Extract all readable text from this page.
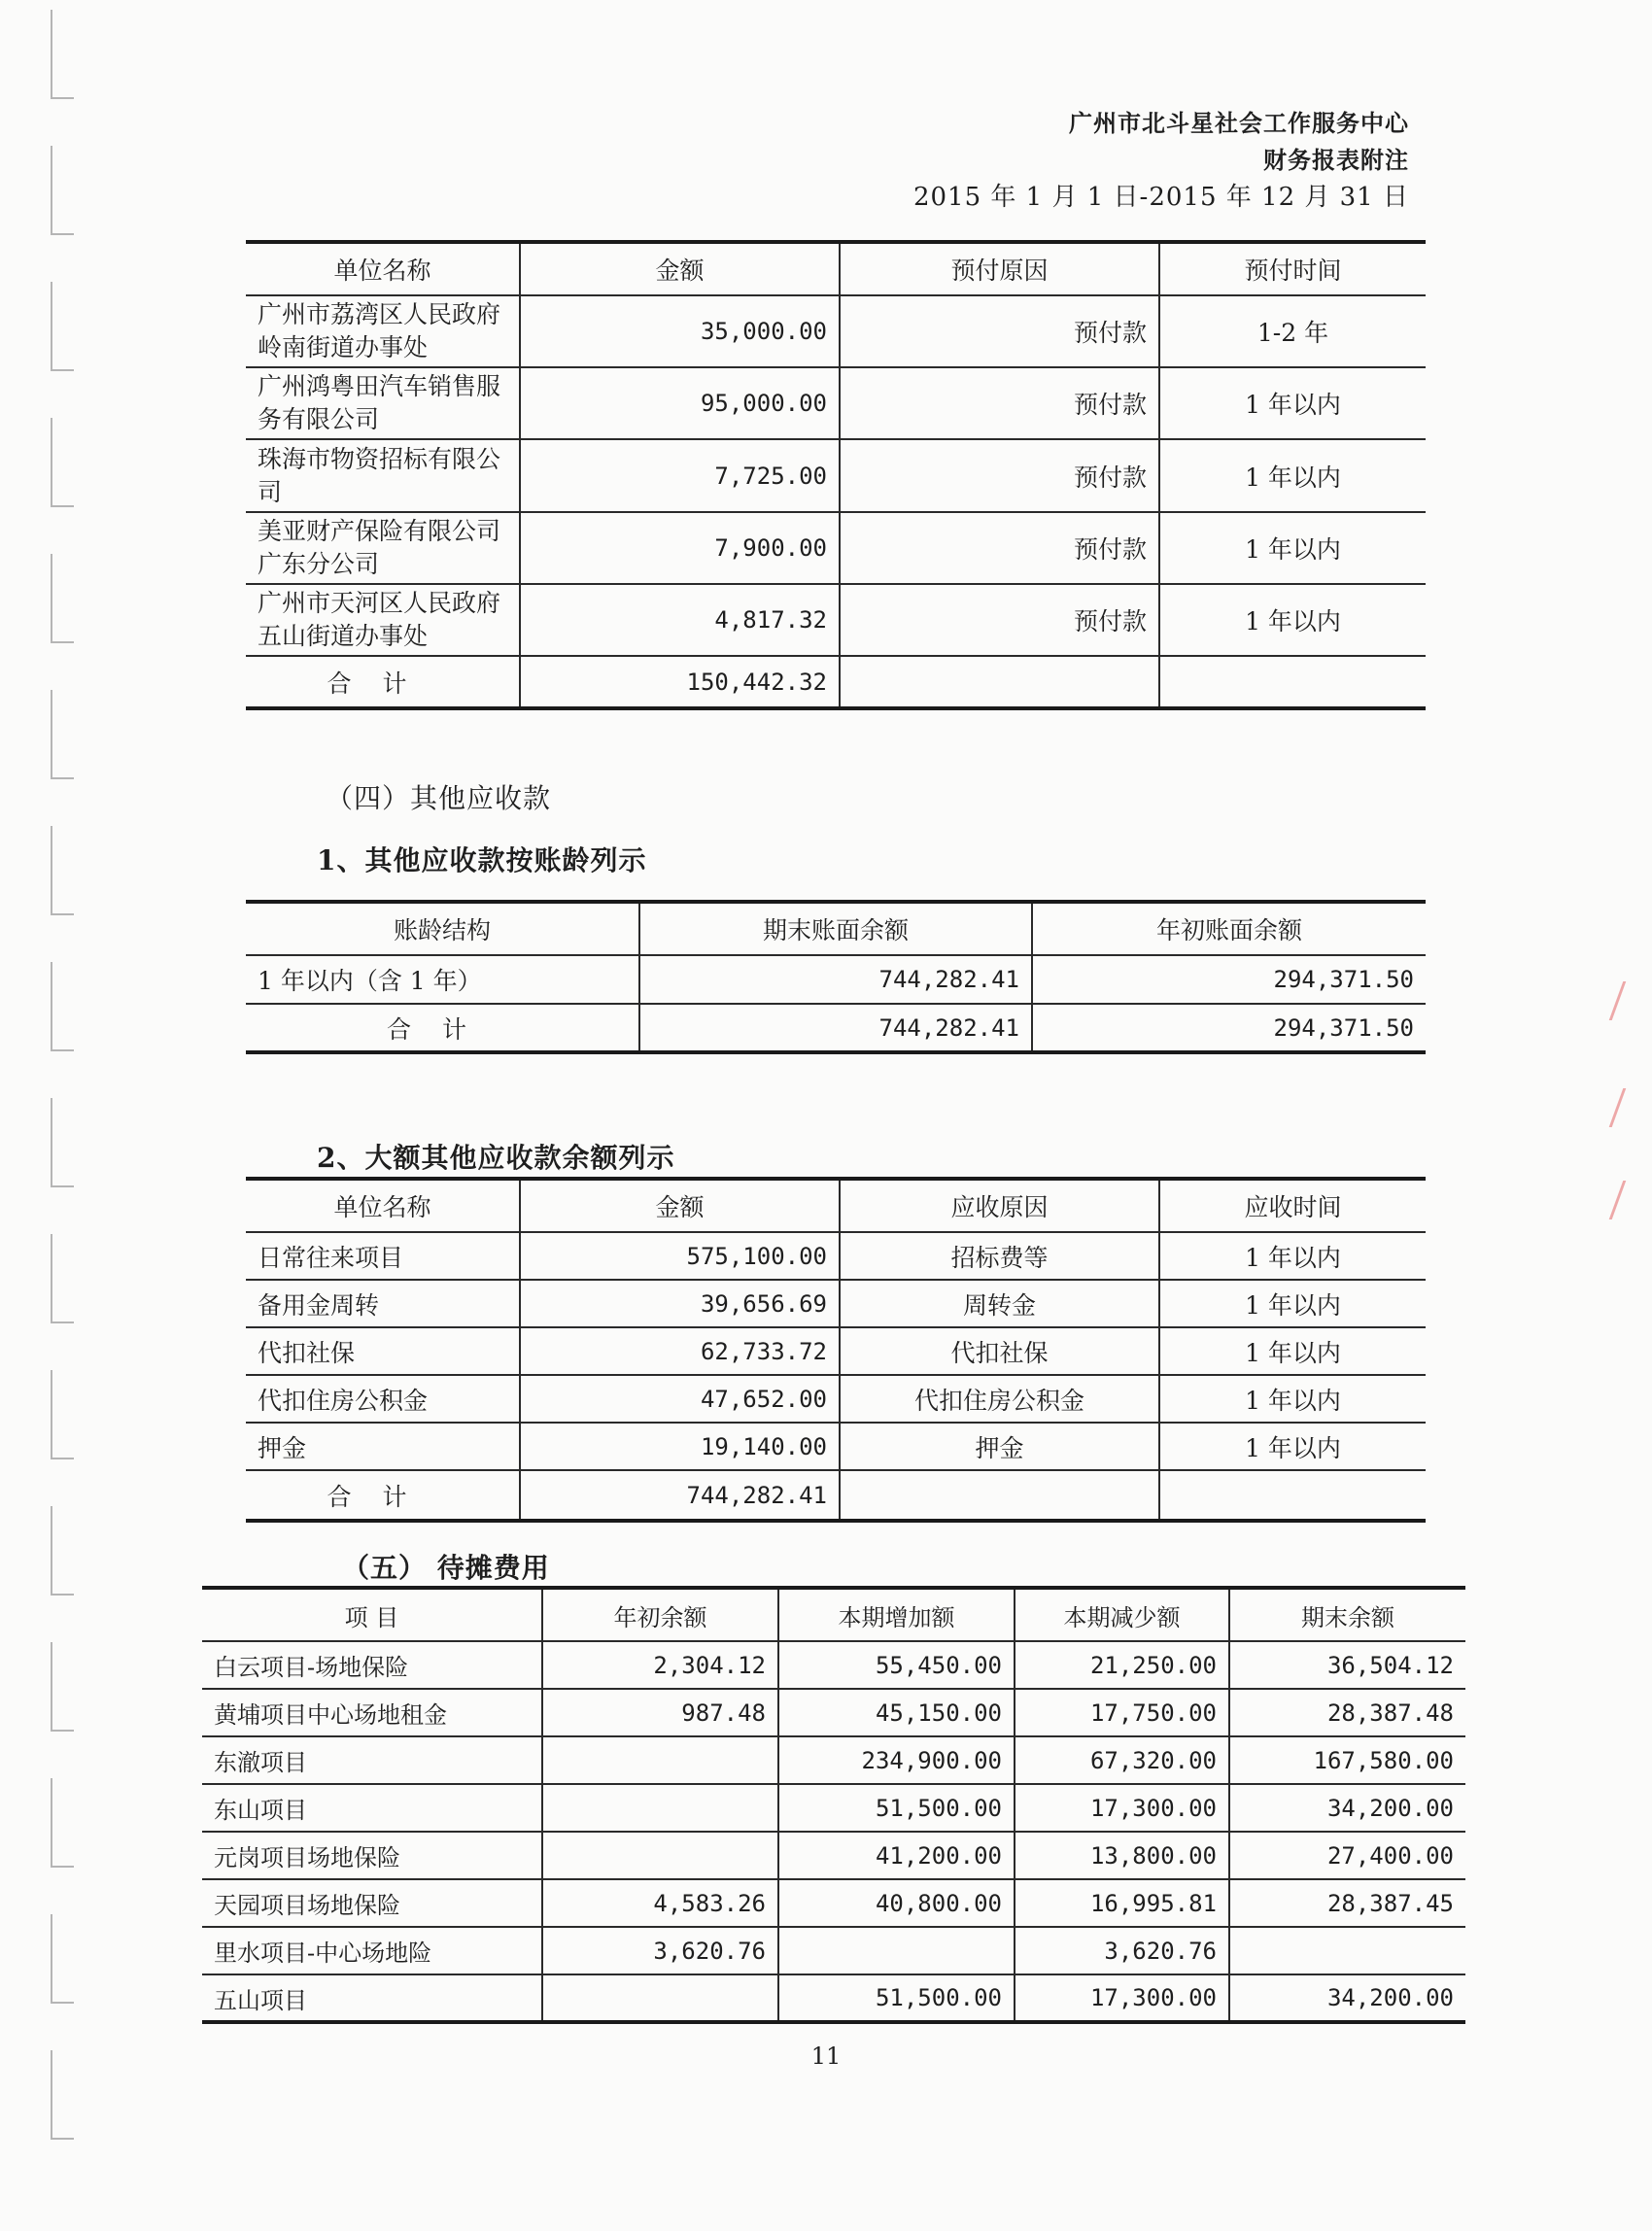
广州市北斗星社会工作服务中心
财务报表附注
2015 年 1 月 1 日-2015 年 12 月 31 日
单位名称	金额	预付原因	预付时间
广州市荔湾区人民政府岭南街道办事处	35,000.00	预付款	1-2 年
广州鸿粤田汽车销售服务有限公司	95,000.00	预付款	1 年以内
珠海市物资招标有限公司	7,725.00	预付款	1 年以内
美亚财产保险有限公司广东分公司	7,900.00	预付款	1 年以内
广州市天河区人民政府五山街道办事处	4,817.32	预付款	1 年以内
合计	150,442.32		
（四）其他应收款
1、其他应收款按账龄列示
账龄结构	期末账面余额	年初账面余额
1 年以内（含 1 年）	744,282.41	294,371.50
合计	744,282.41	294,371.50
2、大额其他应收款余额列示
单位名称	金额	应收原因	应收时间
日常往来项目	575,100.00	招标费等	1 年以内
备用金周转	39,656.69	周转金	1 年以内
代扣社保	62,733.72	代扣社保	1 年以内
代扣住房公积金	47,652.00	代扣住房公积金	1 年以内
押金	19,140.00	押金	1 年以内
合计	744,282.41		
（五） 待摊费用
项 目	年初余额	本期增加额	本期减少额	期末余额
白云项目-场地保险	2,304.12	55,450.00	21,250.00	36,504.12
黄埔项目中心场地租金	987.48	45,150.00	17,750.00	28,387.48
东澈项目		234,900.00	67,320.00	167,580.00
东山项目		51,500.00	17,300.00	34,200.00
元岗项目场地保险		41,200.00	13,800.00	27,400.00
天园项目场地保险	4,583.26	40,800.00	16,995.81	28,387.45
里水项目-中心场地险	3,620.76		3,620.76	
五山项目		51,500.00	17,300.00	34,200.00
11
